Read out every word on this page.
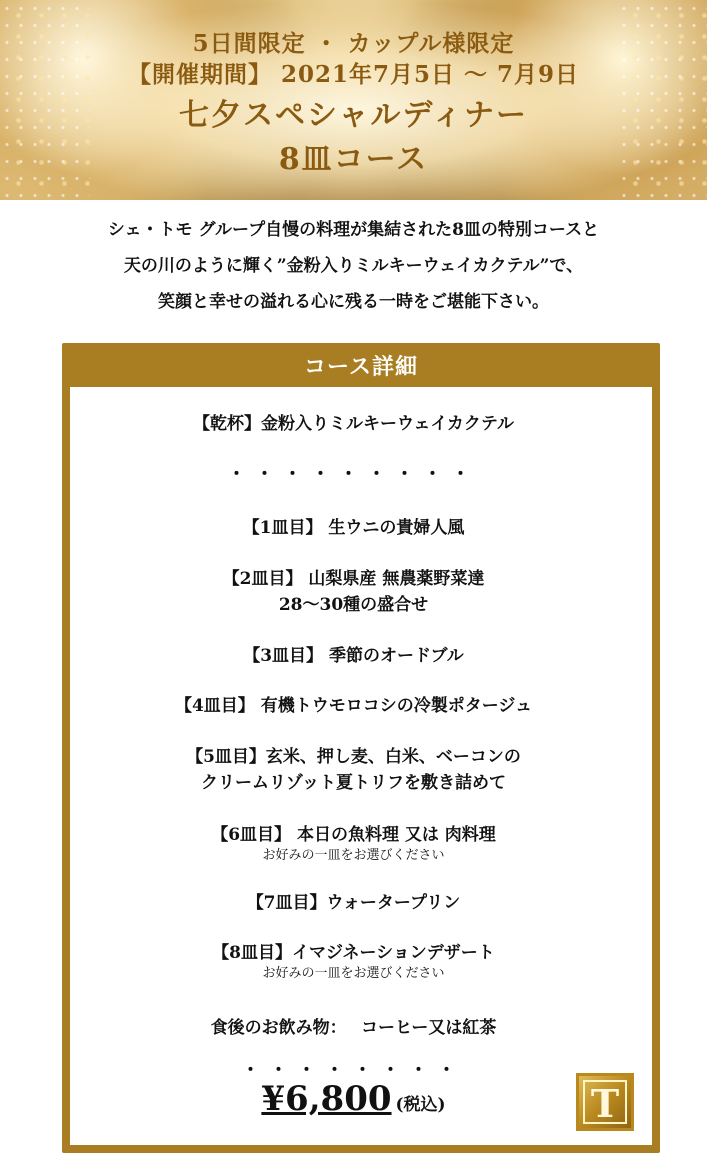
5日間限定 ・ カップル様限定
【開催期間】 2021年7月5日 〜 7月9日
七夕スペシャルディナー
8皿コース
シェ・トモ グループ自慢の料理が集結された8皿の特別コースと
天の川のように輝く”金粉入りミルキーウェイカクテル”で、
笑顔と幸せの溢れる心に残る一時をご堪能下さい。
コース詳細
【乾杯】金粉入りミルキーウェイカクテル
・・・・・・・・・
【1皿目】 生ウニの貴婦人風
【2皿目】 山梨県産 無農薬野菜達
28〜30種の盛合せ
【3皿目】 季節のオードブル
【4皿目】 有機トウモロコシの冷製ポタージュ
【5皿目】玄米、押し麦、白米、ベーコンの
クリームリゾット夏トリフを敷き詰めて
【6皿目】 本日の魚料理 又は 肉料理
お好みの一皿をお選びください
【7皿目】ウォータープリン
【8皿目】イマジネーションデザート
お好みの一皿をお選びください
食後のお飲み物：　 コーヒー又は紅茶
・・・・・・・・
¥6,800 (税込)	T
